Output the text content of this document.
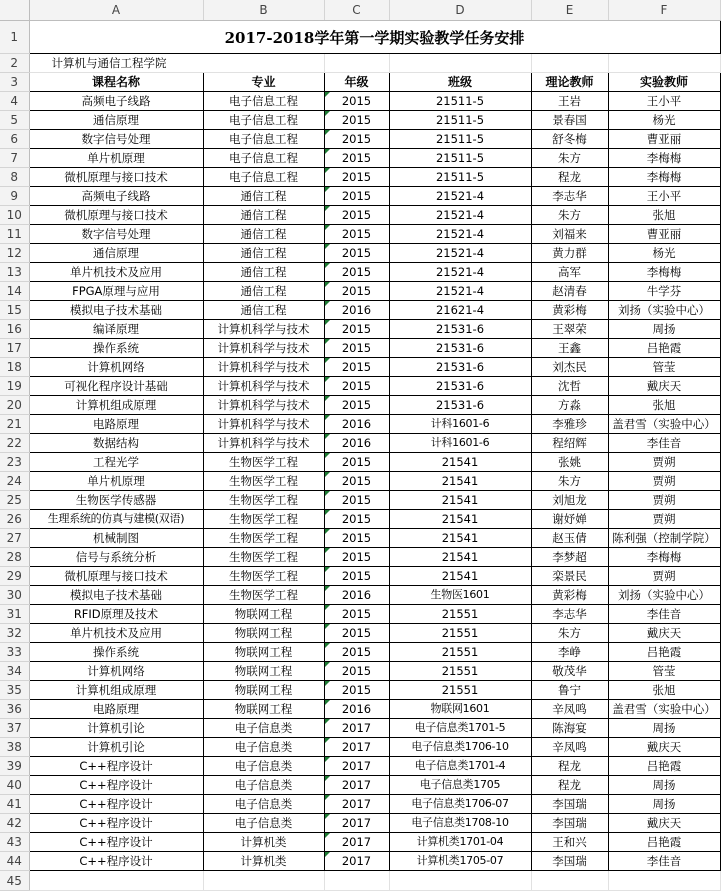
	A	B	C	D	E	F
1	2017-2018学年第一学期实验教学任务安排					
2	计算机与通信工程学院					
3	课程名称	专业	年级	班级	理论教师	实验教师
4	高频电子线路	电子信息工程	2015	21511-5	王岩	王小平
5	通信原理	电子信息工程	2015	21511-5	景春国	杨光
6	数字信号处理	电子信息工程	2015	21511-5	舒冬梅	曹亚丽
7	单片机原理	电子信息工程	2015	21511-5	朱方	李梅梅
8	微机原理与接口技术	电子信息工程	2015	21511-5	程龙	李梅梅
9	高频电子线路	通信工程	2015	21521-4	李志华	王小平
10	微机原理与接口技术	通信工程	2015	21521-4	朱方	张旭
11	数字信号处理	通信工程	2015	21521-4	刘福来	曹亚丽
12	通信原理	通信工程	2015	21521-4	黄力群	杨光
13	单片机技术及应用	通信工程	2015	21521-4	高军	李梅梅
14	FPGA原理与应用	通信工程	2015	21521-4	赵清春	牛学芬
15	模拟电子技术基础	通信工程	2016	21621-4	黄彩梅	刘扬（实验中心）
16	编译原理	计算机科学与技术	2015	21531-6	王翠荣	周扬
17	操作系统	计算机科学与技术	2015	21531-6	王鑫	吕艳霞
18	计算机网络	计算机科学与技术	2015	21531-6	刘杰民	管莹
19	可视化程序设计基础	计算机科学与技术	2015	21531-6	沈哲	戴庆天
20	计算机组成原理	计算机科学与技术	2015	21531-6	方淼	张旭
21	电路原理	计算机科学与技术	2016	计科1601-6	李雅珍	盖君雪（实验中心）
22	数据结构	计算机科学与技术	2016	计科1601-6	程绍辉	李佳音
23	工程光学	生物医学工程	2015	21541	张姚	贾朔
24	单片机原理	生物医学工程	2015	21541	朱方	贾朔
25	生物医学传感器	生物医学工程	2015	21541	刘旭龙	贾朔
26	生理系统的仿真与建模(双语)	生物医学工程	2015	21541	谢妤婵	贾朔
27	机械制图	生物医学工程	2015	21541	赵玉倩	陈利强（控制学院）
28	信号与系统分析	生物医学工程	2015	21541	李梦超	李梅梅
29	微机原理与接口技术	生物医学工程	2015	21541	栾景民	贾朔
30	模拟电子技术基础	生物医学工程	2016	生物医1601	黄彩梅	刘扬（实验中心）
31	RFID原理及技术	物联网工程	2015	21551	李志华	李佳音
32	单片机技术及应用	物联网工程	2015	21551	朱方	戴庆天
33	操作系统	物联网工程	2015	21551	李峥	吕艳霞
34	计算机网络	物联网工程	2015	21551	敬茂华	管莹
35	计算机组成原理	物联网工程	2015	21551	鲁宁	张旭
36	电路原理	物联网工程	2016	物联网1601	辛凤鸣	盖君雪（实验中心）
37	计算机引论	电子信息类	2017	电子信息类1701-5	陈海宴	周扬
38	计算机引论	电子信息类	2017	电子信息类1706-10	辛凤鸣	戴庆天
39	C++程序设计	电子信息类	2017	电子信息类1701-4	程龙	吕艳霞
40	C++程序设计	电子信息类	2017	电子信息类1705	程龙	周扬
41	C++程序设计	电子信息类	2017	电子信息类1706-07	李国瑞	周扬
42	C++程序设计	电子信息类	2017	电子信息类1708-10	李国瑞	戴庆天
43	C++程序设计	计算机类	2017	计算机类1701-04	王和兴	吕艳霞
44	C++程序设计	计算机类	2017	计算机类1705-07	李国瑞	李佳音
45						
